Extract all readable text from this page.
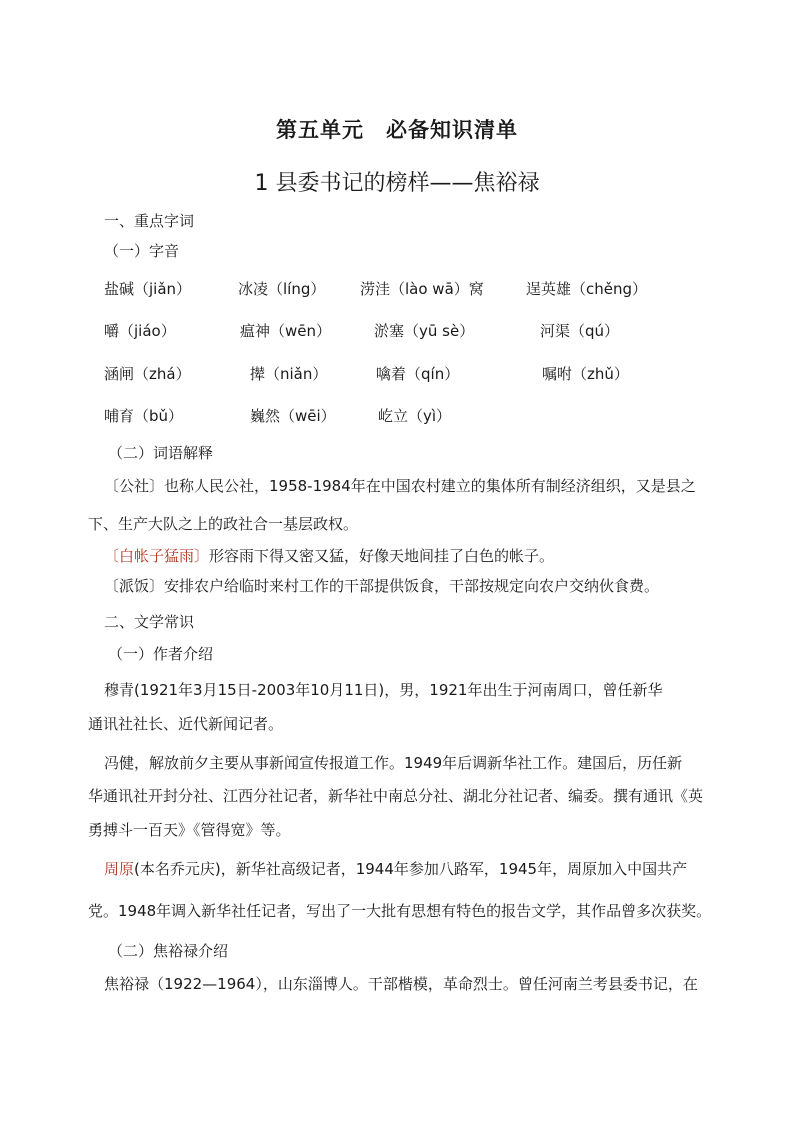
第五单元　必备知识清单
1 县委书记的榜样——焦裕禄
一、重点字词
（一）字音
盐碱（jiǎn）	冰凌（líng） 涝洼（lào wā）窝	逞英雄（chěng）
嚼（jiáo）	瘟神（wēn）	淤塞（yū sè）	河渠（qú）
涵闸（zhá）	撵（niǎn）	噙着（qín）	嘱咐（zhǔ）
哺育（bǔ）	巍然（wēi）	屹立（yì）
（二）词语解释
〔公社〕也称人民公社，1958-1984年在中国农村建立的集体所有制经济组织，又是县之
下、生产大队之上的政社合一基层政权。
〔白帐子猛雨〕形容雨下得又密又猛，好像天地间挂了白色的帐子。
〔派饭〕安排农户给临时来村工作的干部提供饭食，干部按规定向农户交纳伙食费。
二、文学常识
（一）作者介绍
穆青(1921年3月15日-2003年10月11日)，男，1921年出生于河南周口，曾任新华
通讯社社长、近代新闻记者。
冯健，解放前夕主要从事新闻宣传报道工作。1949年后调新华社工作。建国后，历任新
华通讯社开封分社、江西分社记者，新华社中南总分社、湖北分社记者、编委。撰有通讯《英
勇搏斗一百天》《管得宽》等。
周原(本名乔元庆)，新华社高级记者，1944年参加八路军，1945年，周原加入中国共产
党。1948年调入新华社任记者，写出了一大批有思想有特色的报告文学，其作品曾多次获奖。
（二）焦裕禄介绍
焦裕禄（1922—1964），山东淄博人。干部楷模，革命烈士。曾任河南兰考县委书记，在
